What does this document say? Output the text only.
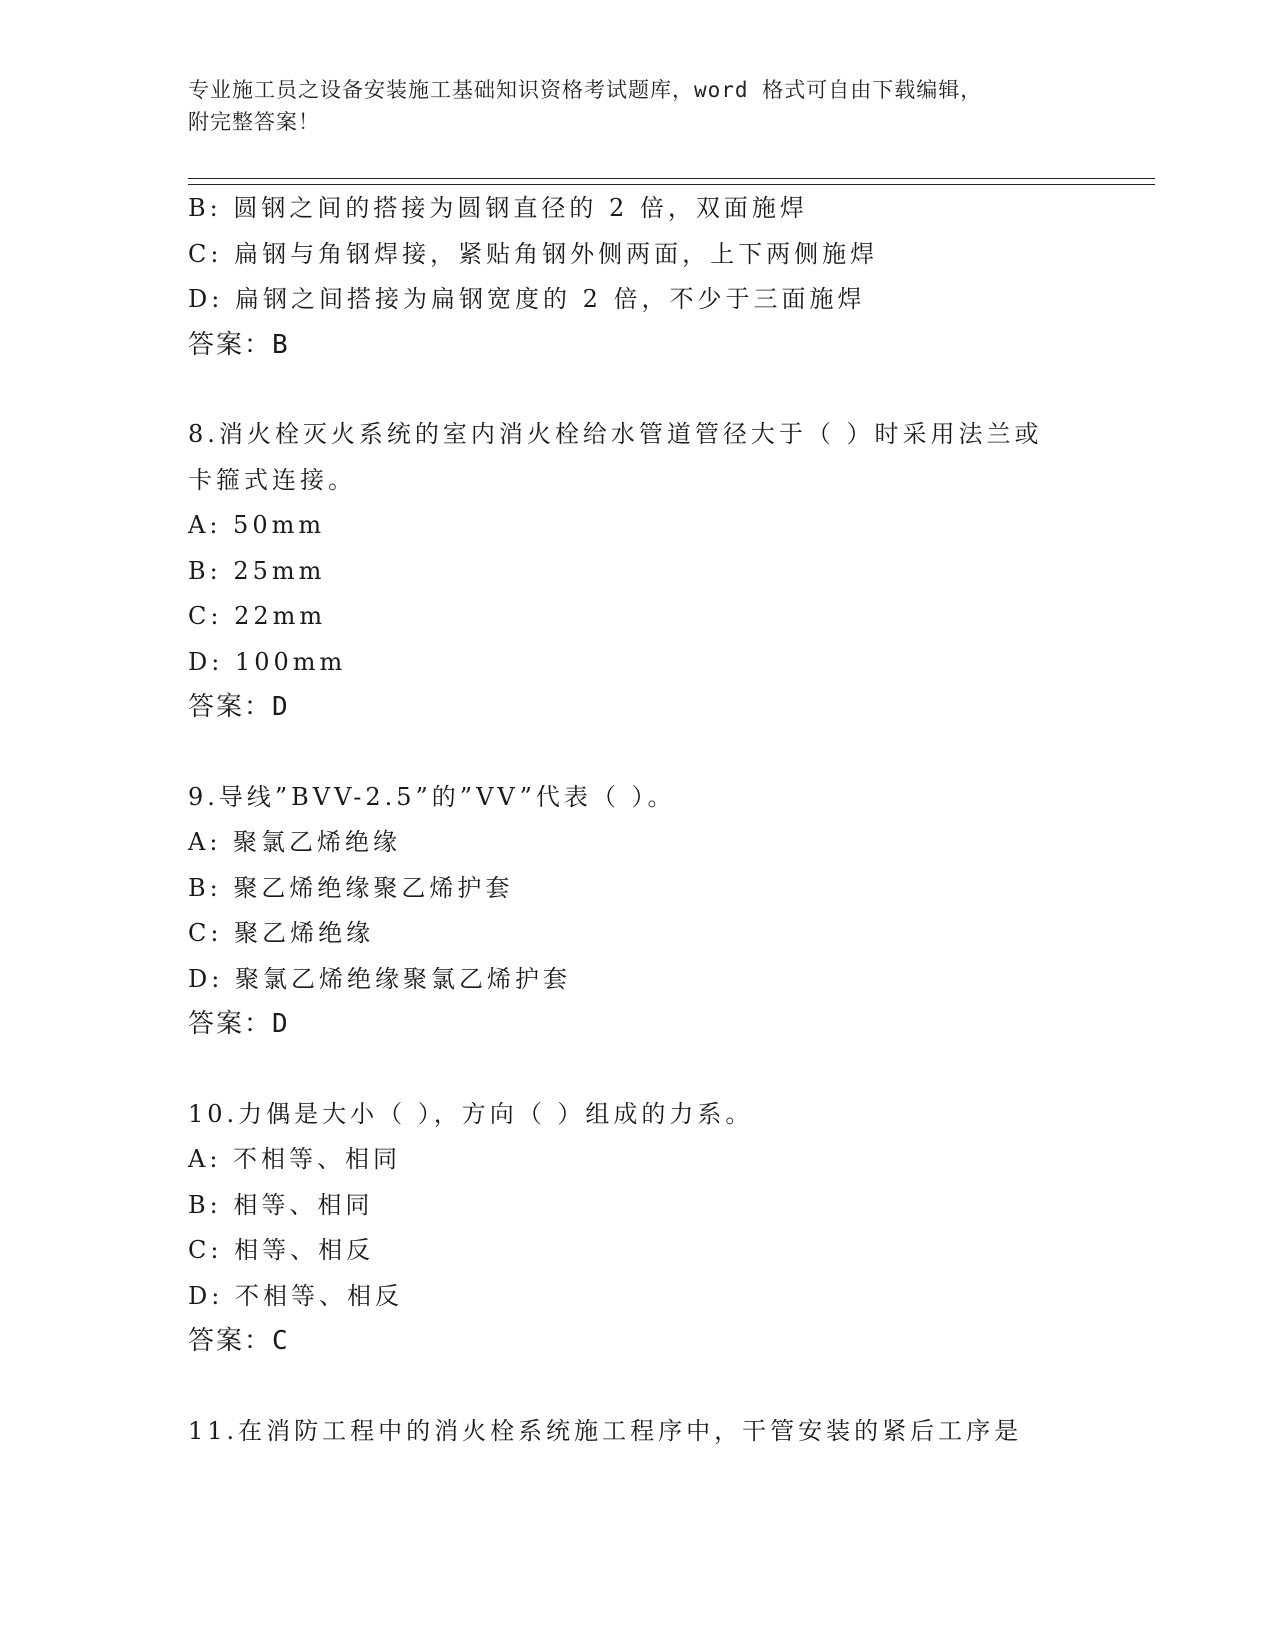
专业施工员之设备安装施工基础知识资格考试题库，word 格式可自由下载编辑，
附完整答案！
B: 圆钢之间的搭接为圆钢直径的 2 倍，双面施焊
C: 扁钢与角钢焊接，紧贴角钢外侧两面，上下两侧施焊
D: 扁钢之间搭接为扁钢宽度的 2 倍，不少于三面施焊
答案：B
8.消火栓灭火系统的室内消火栓给水管道管径大于（ ）时采用法兰或
卡箍式连接。
A: 50mm
B: 25mm
C: 22mm
D: 100mm
答案：D
9.导线”BVV-2.5”的”VV”代表（ ）。
A: 聚氯乙烯绝缘
B: 聚乙烯绝缘聚乙烯护套
C: 聚乙烯绝缘
D: 聚氯乙烯绝缘聚氯乙烯护套
答案：D
10.力偶是大小（ ），方向（ ）组成的力系。
A: 不相等、相同
B: 相等、相同
C: 相等、相反
D: 不相等、相反
答案：C
11.在消防工程中的消火栓系统施工程序中，干管安装的紧后工序是
